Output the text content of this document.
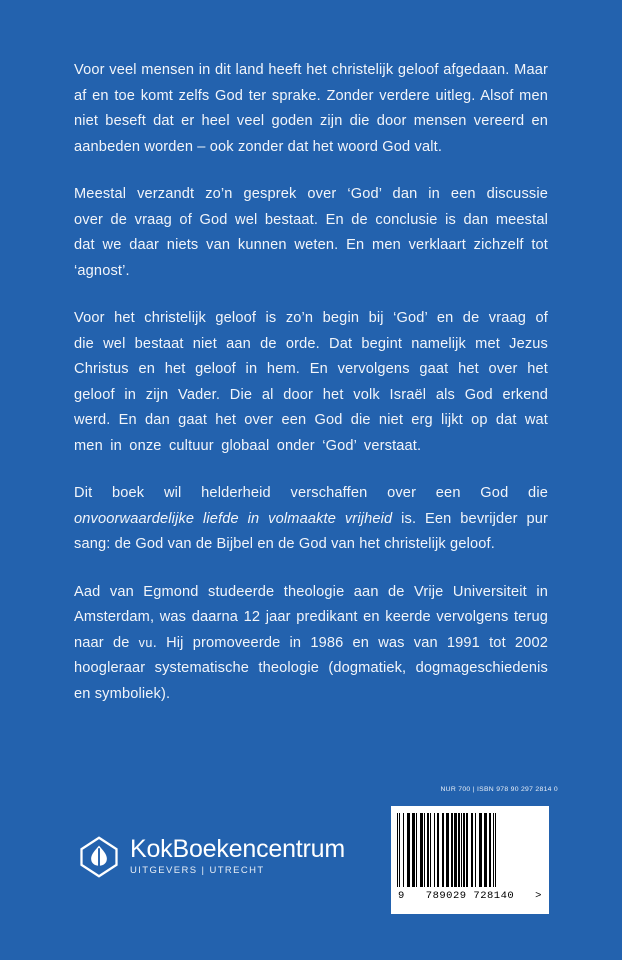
Voor veel mensen in dit land heeft het christelijk geloof afgedaan. Maar af en toe komt zelfs God ter sprake. Zonder verdere uitleg. Alsof men niet beseft dat er heel veel goden zijn die door mensen vereerd en aanbeden worden – ook zonder dat het woord God valt.

Meestal verzandt zo’n gesprek over ‘God’ dan in een discussie over de vraag of God wel bestaat. En de conclusie is dan meestal dat we daar niets van kunnen weten. En men verklaart zichzelf tot ‘agnost’.

Voor het christelijk geloof is zo’n begin bij ‘God’ en de vraag of die wel bestaat niet aan de orde. Dat begint namelijk met Jezus Christus en het geloof in hem. En vervolgens gaat het over het geloof in zijn Vader. Die al door het volk Israël als God erkend werd. En dan gaat het over een God die niet erg lijkt op dat wat men in onze cultuur globaal onder ‘God’ verstaat.

Dit boek wil helderheid verschaffen over een God die onvoorwaardelijke liefde in volmaakte vrijheid is. Een bevrijder pur sang: de God van de Bijbel en de God van het christelijk geloof.

Aad van Egmond studeerde theologie aan de Vrije Universiteit in Amsterdam, was daarna 12 jaar predikant en keerde vervolgens terug naar de vu. Hij promoveerde in 1986 en was van 1991 tot 2002 hoogleraar systematische theologie (dogmatiek, dogmageschiedenis en symboliek).

KokBoekencentrum
UITGEVERS | UTRECHT
NUR 700 | ISBN 978 90 297 2814 0
9 789029 728140 >
